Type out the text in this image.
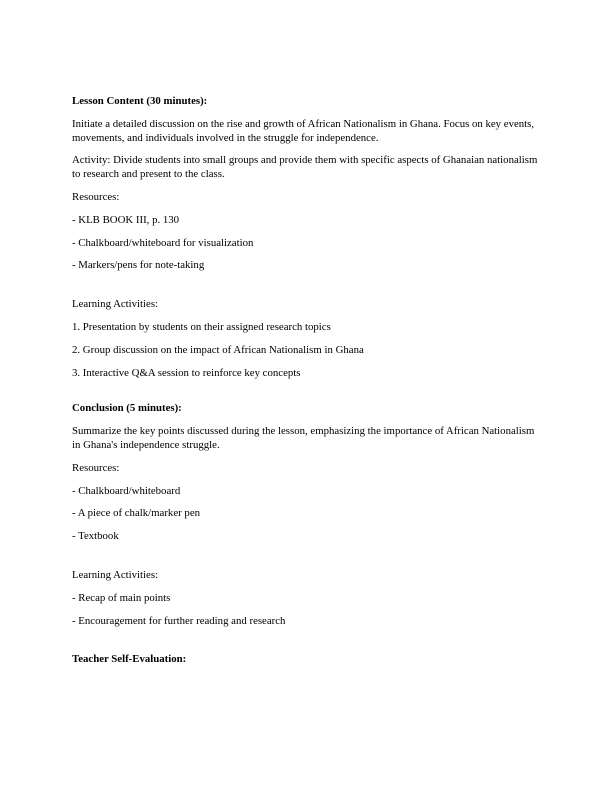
Lesson Content (30 minutes):

Initiate a detailed discussion on the rise and growth of African Nationalism in Ghana. Focus on key events, movements, and individuals involved in the struggle for independence.

Activity: Divide students into small groups and provide them with specific aspects of Ghanaian nationalism to research and present to the class.

Resources:

- KLB BOOK III, p. 130

- Chalkboard/whiteboard for visualization

- Markers/pens for note-taking

Learning Activities:

1. Presentation by students on their assigned research topics

2. Group discussion on the impact of African Nationalism in Ghana

3. Interactive Q&A session to reinforce key concepts

Conclusion (5 minutes):

Summarize the key points discussed during the lesson, emphasizing the importance of African Nationalism in Ghana's independence struggle.

Resources:

- Chalkboard/whiteboard

- A piece of chalk/marker pen

- Textbook

Learning Activities:

- Recap of main points

- Encouragement for further reading and research

Teacher Self-Evaluation:
